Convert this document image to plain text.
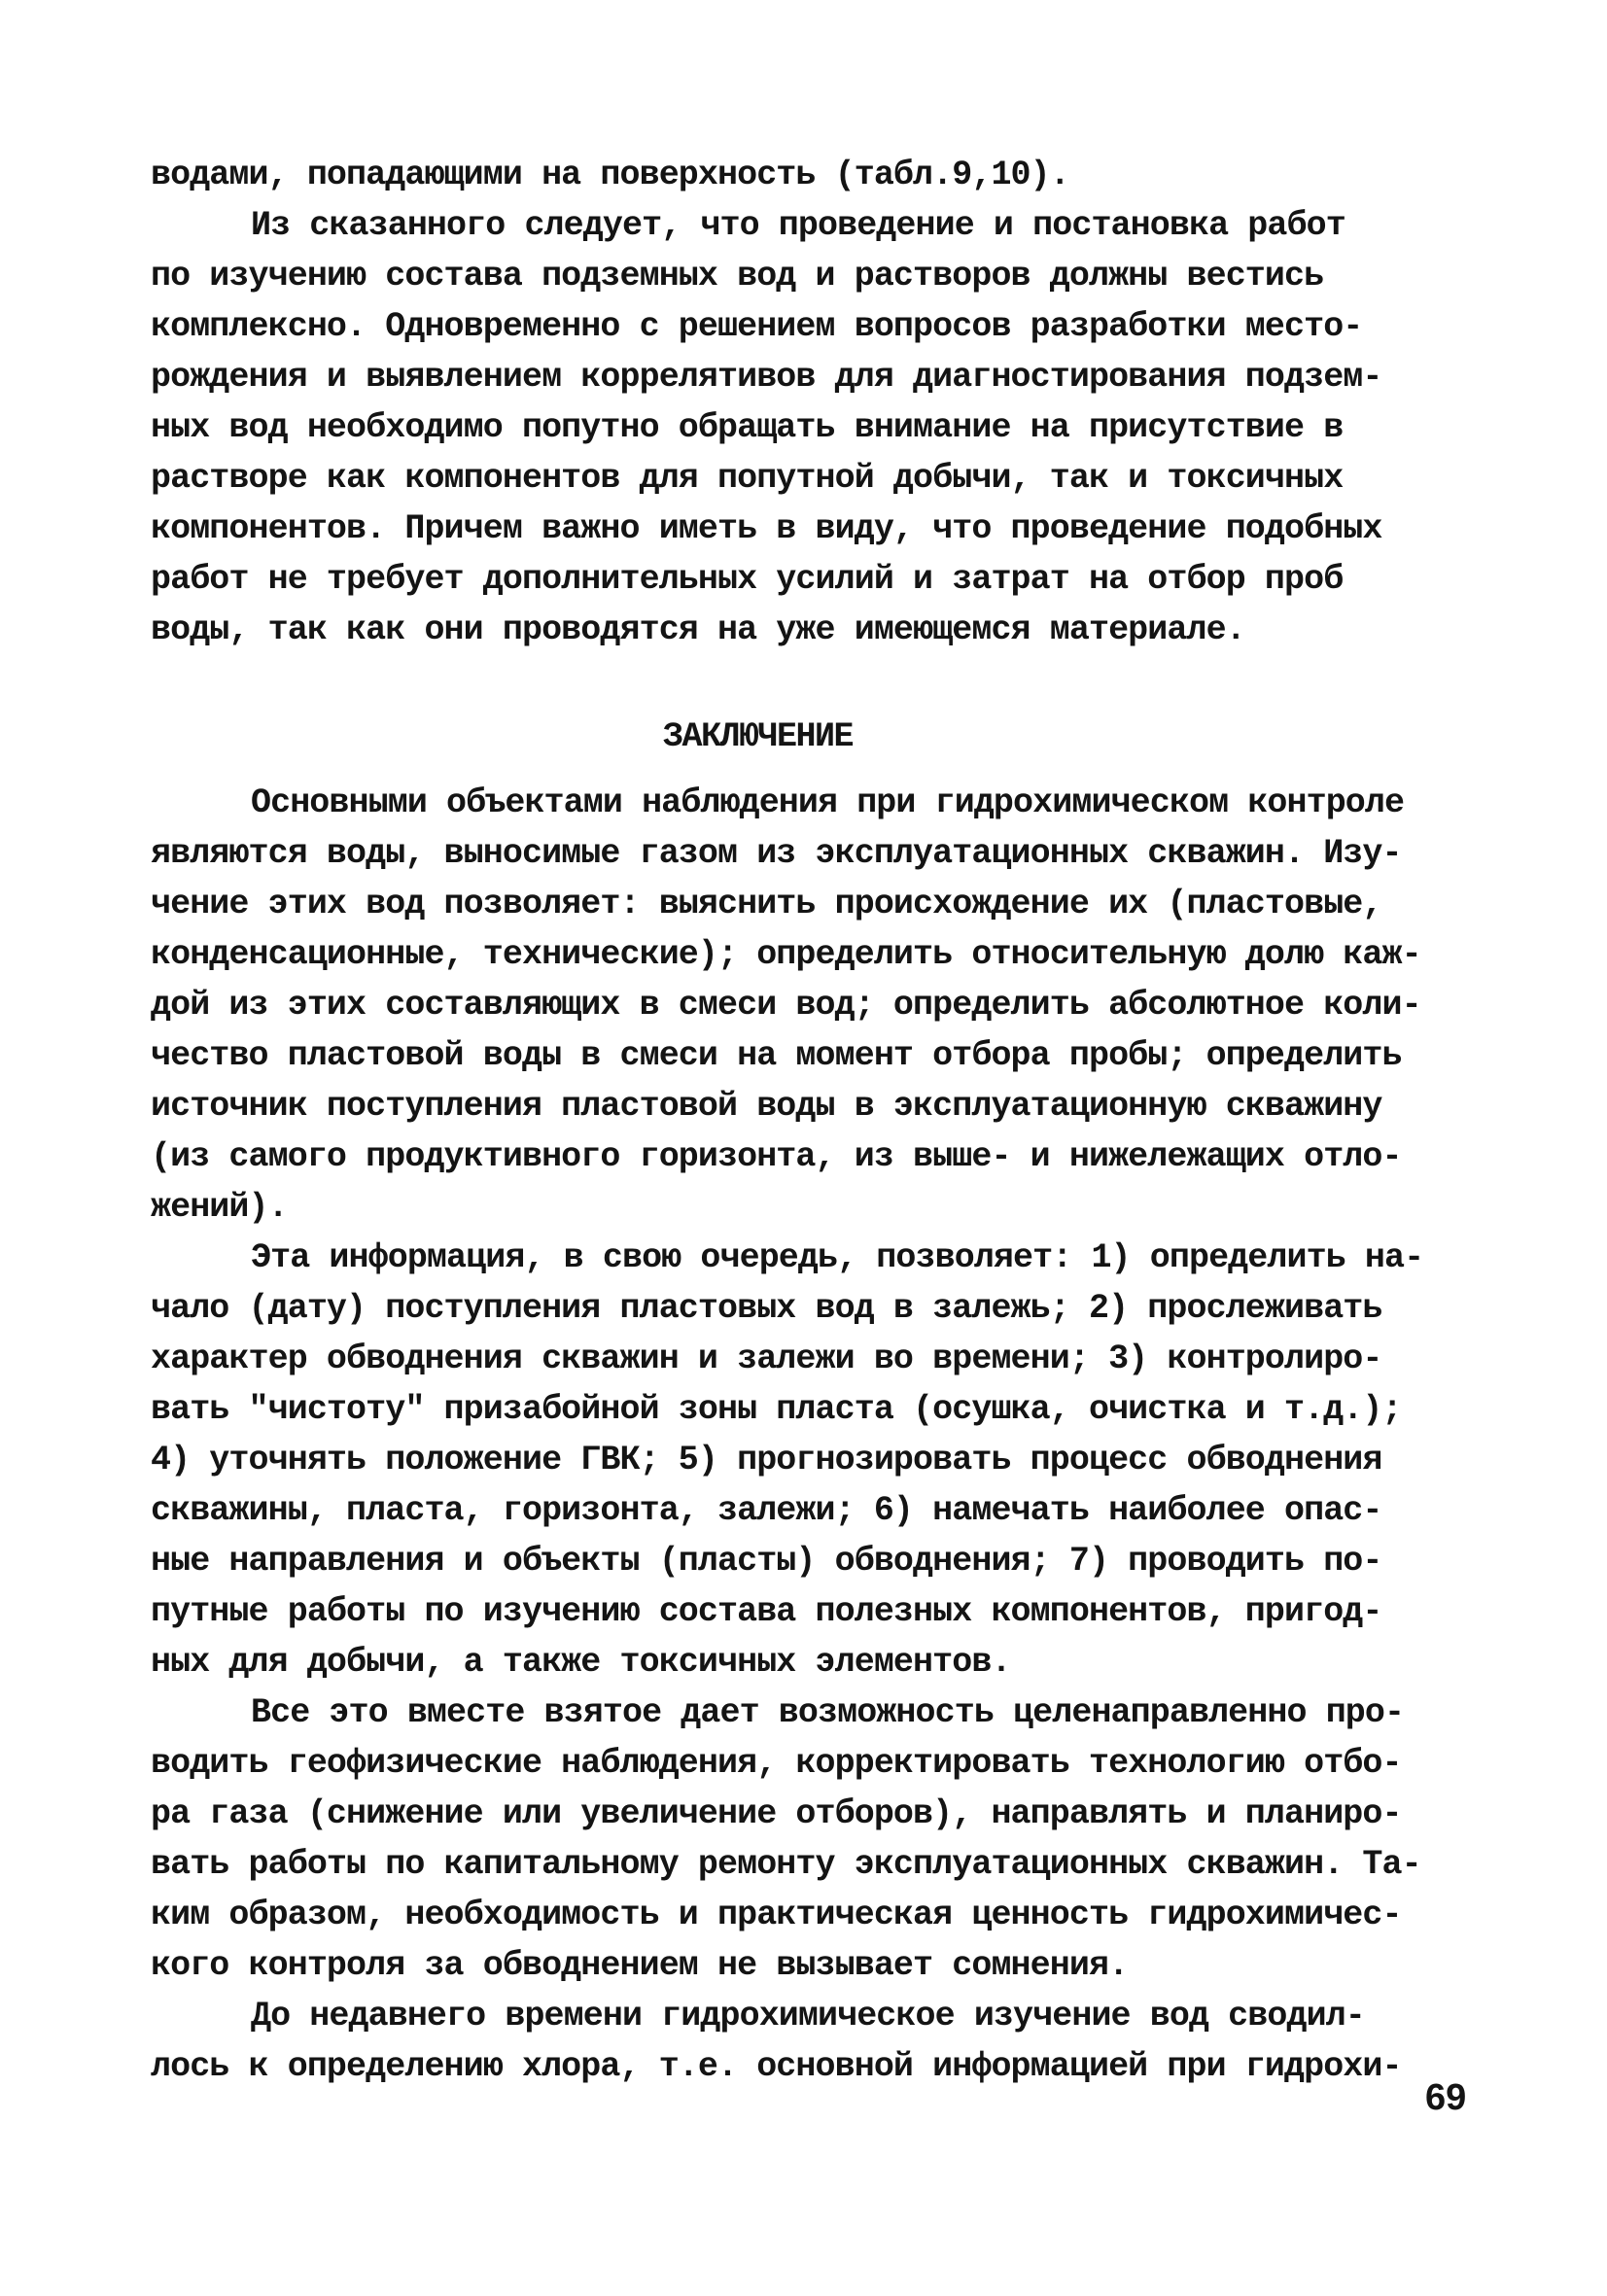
водами, попадающими на поверхность (табл.9,10).
Из сказанного следует, что проведение и постановка работ
по изучению состава подземных вод и растворов должны вестись
комплексно. Одновременно с решением вопросов разработки место-
рождения и выявлением коррелятивов для диагностирования подзем-
ных вод необходимо попутно обращать внимание на присутствие в
растворе как компонентов для попутной добычи, так и токсичных
компонентов. Причем важно иметь в виду, что проведение подобных
работ не требует дополнительных усилий и затрат на отбор проб
воды, так как они проводятся на уже имеющемся материале.
ЗАКЛЮЧЕНИЕ
Основными объектами наблюдения при гидрохимическом контроле
являются воды, выносимые газом из эксплуатационных скважин. Изу-
чение этих вод позволяет: выяснить происхождение их (пластовые,
конденсационные, технические); определить относительную долю каж-
дой из этих составляющих в смеси вод; определить абсолютное коли-
чество пластовой воды в смеси на момент отбора пробы; определить
источник поступления пластовой воды в эксплуатационную скважину
(из самого продуктивного горизонта, из выше- и нижележащих отло-
жений).
Эта информация, в свою очередь, позволяет: 1) определить на-
чало (дату) поступления пластовых вод в залежь; 2) прослеживать
характер обводнения скважин и залежи во времени; 3) контролиро-
вать "чистоту" призабойной зоны пласта (осушка, очистка и т.д.);
4) уточнять положение ГВК; 5) прогнозировать процесс обводнения
скважины, пласта, горизонта, залежи; 6) намечать наиболее опас-
ные направления и объекты (пласты) обводнения; 7) проводить по-
путные работы по изучению состава полезных компонентов, пригод-
ных для добычи, а также токсичных элементов.
Все это вместе взятое дает возможность целенаправленно про-
водить геофизические наблюдения, корректировать технологию отбо-
ра газа (снижение или увеличение отборов), направлять и планиро-
вать работы по капитальному ремонту эксплуатационных скважин. Та-
ким образом, необходимость и практическая ценность гидрохимичес-
кого контроля за обводнением не вызывает сомнения.
До недавнего времени гидрохимическое изучение вод сводил-
лось к определению хлора, т.е. основной информацией при гидрохи-
69
